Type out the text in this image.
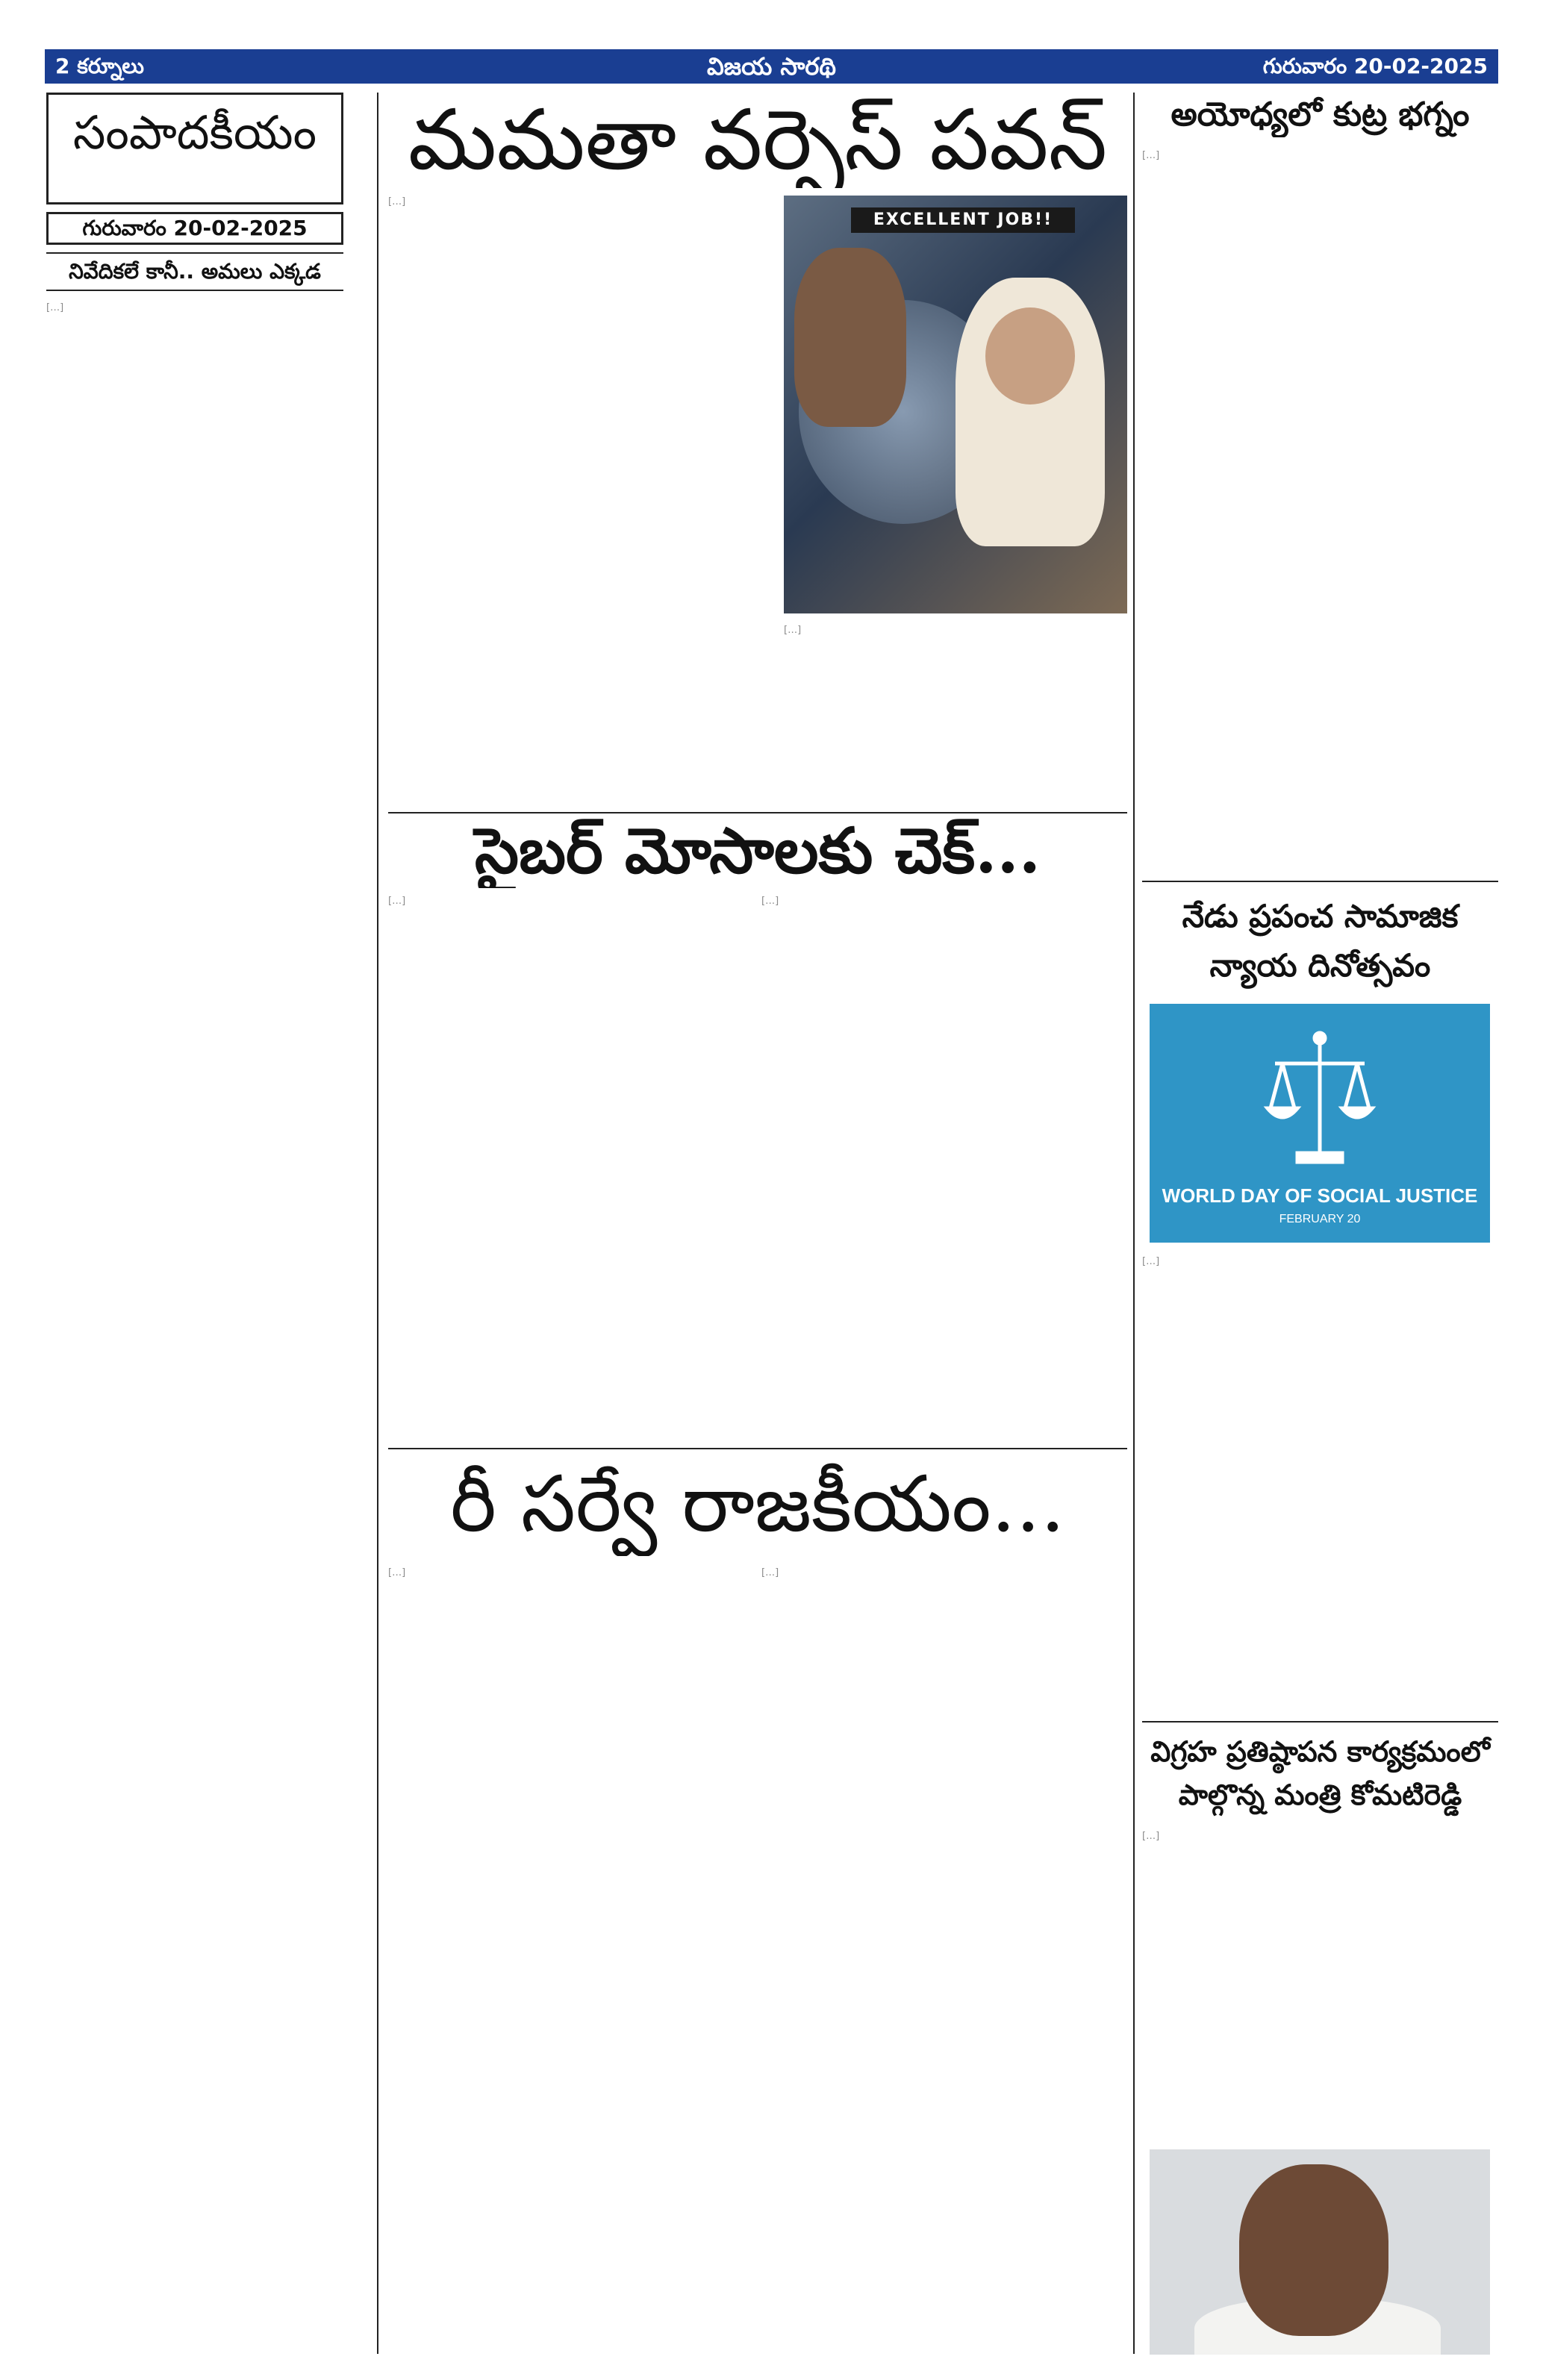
2 కర్నూలు	విజయ సారథి	గురువారం 20-02-2025
సంపాదకీయం
గురువారం 20-02-2025
నివేదికలే కానీ.. అమలు ఎక్కడ
[…]
మమతా వర్సెస్ పవన్
[…]
EXCELLENT JOB!!
[…]
అయోధ్యలో కుట్ర భగ్నం
[…]
సైబర్ మోసాలకు చెక్...
[…]	[…]	నేడు ప్రపంచ సామాజిక న్యాయ దినోత్సవం
WORLD DAY OF SOCIAL JUSTICE
FEBRUARY 20
[…]
రీ సర్వే రాజకీయం...
[…]	[…]
విగ్రహ ప్రతిష్ఠాపన కార్యక్రమంలో పాల్గొన్న మంత్రి కోమటిరెడ్డి
[…]
